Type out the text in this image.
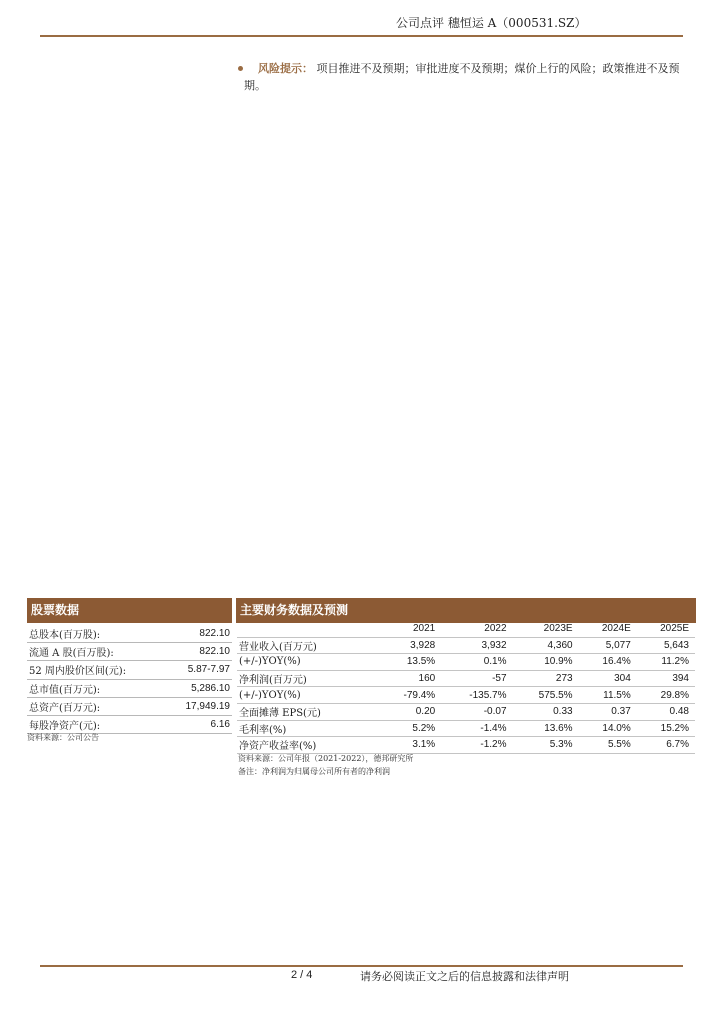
公司点评 穗恒运 A（000531.SZ）
风险提示： 项目推进不及预期；审批进度不及预期；煤价上行的风险；政策推进不及预期。
股票数据
总股本(百万股):	822.10
流通 A 股(百万股):	822.10
52 周内股价区间(元):	5.87-7.97
总市值(百万元):	5,286.10
总资产(百万元):	17,949.19
每股净资产(元):	6.16
资料来源：公司公告
主要财务数据及预测
	2021	2022	2023E	2024E	2025E
营业收入(百万元)	3,928	3,932	4,360	5,077	5,643
(+/-)YOY(%)	13.5%	0.1%	10.9%	16.4%	11.2%
净利润(百万元)	160	-57	273	304	394
(+/-)YOY(%)	-79.4%	-135.7%	575.5%	11.5%	29.8%
全面摊薄 EPS(元)	0.20	-0.07	0.33	0.37	0.48
毛利率(%)	5.2%	-1.4%	13.6%	14.0%	15.2%
净资产收益率(%)	3.1%	-1.2%	5.3%	5.5%	6.7%
资料来源：公司年报（2021-2022），德邦研究所
备注：净利润为归属母公司所有者的净利润
2 / 4	请务必阅读正文之后的信息披露和法律声明
